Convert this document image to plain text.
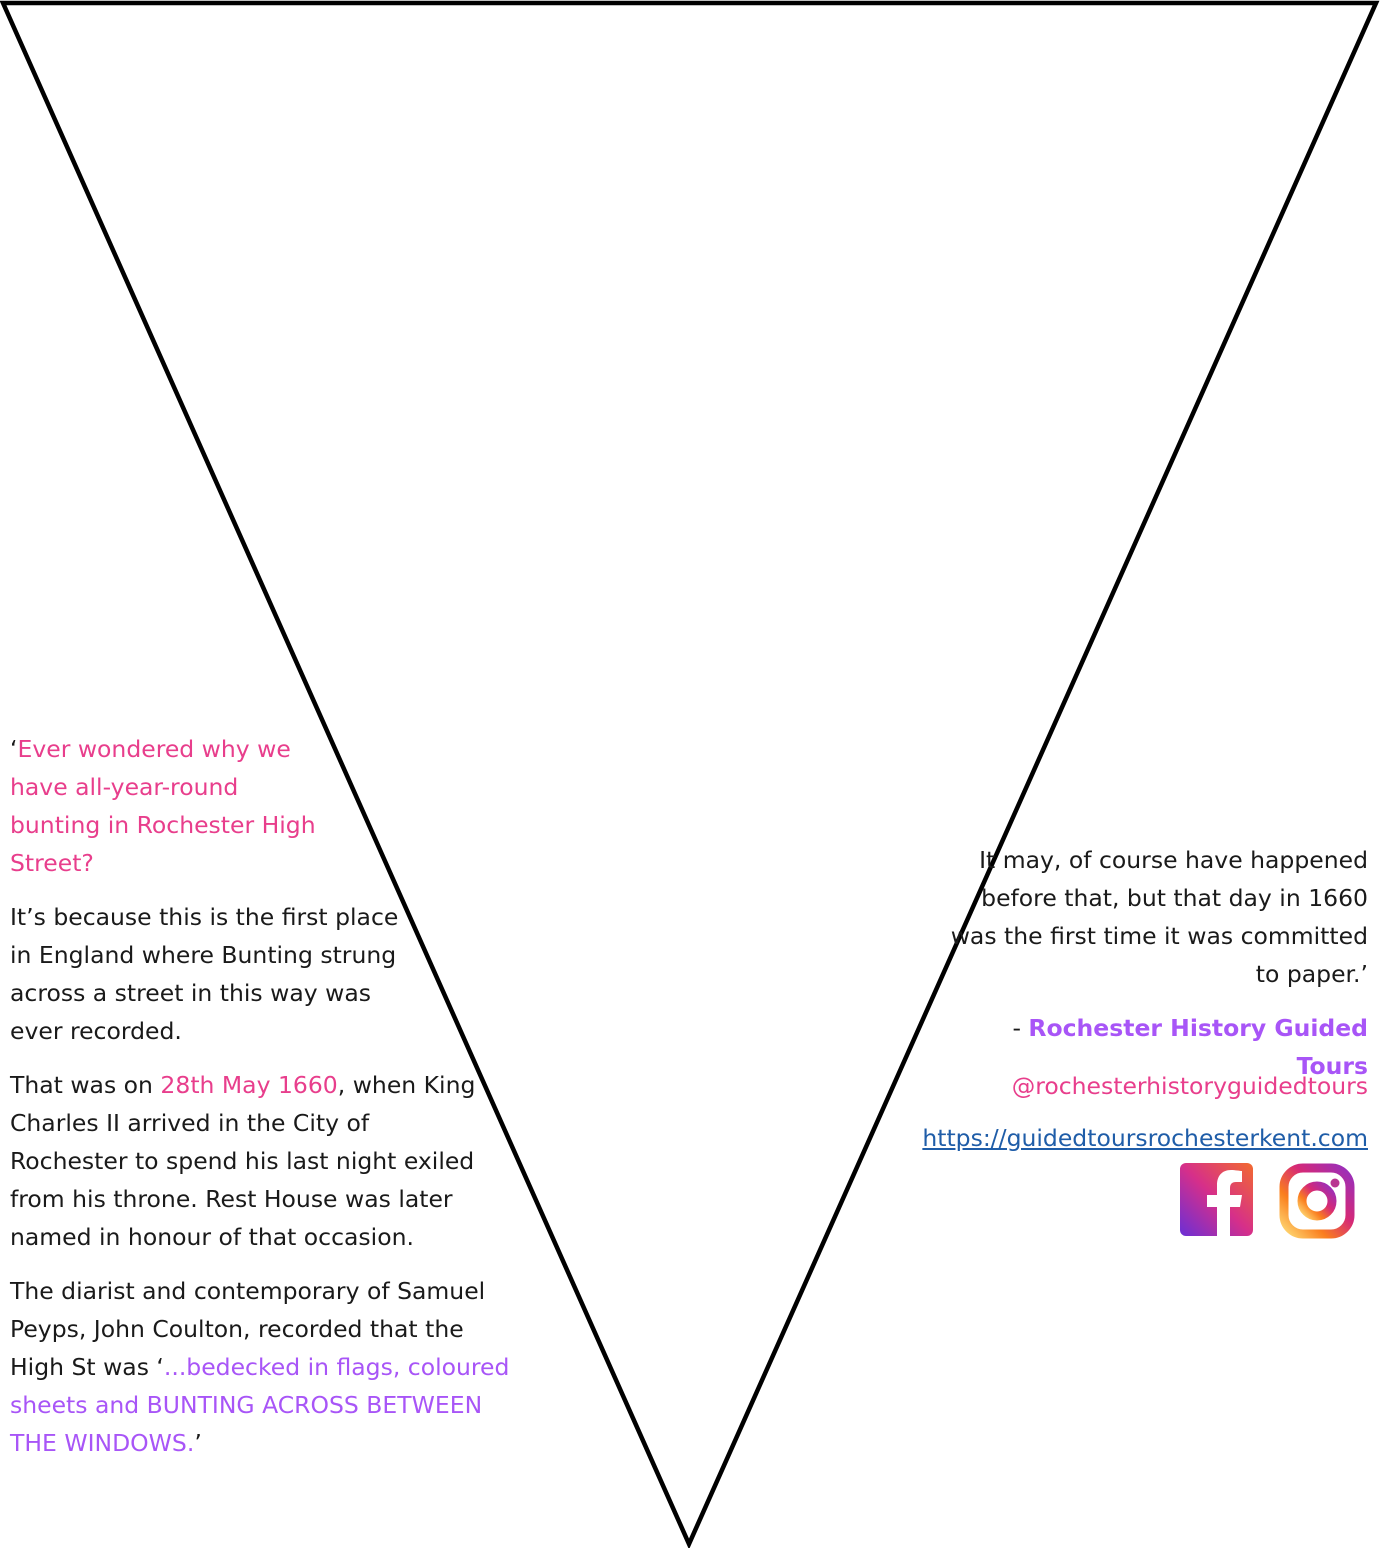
‘Ever wondered why we have all-year-round bunting in Rochester High Street?

It’s because this is the first place in England where Bunting strung across a street in this way was ever recorded.

That was on 28th May 1660, when King Charles II arrived in the City of Rochester to spend his last night exiled from his throne. Rest House was later named in honour of that occasion.

The diarist and contemporary of Samuel Peyps, John Coulton, recorded that the High St was ‘...bedecked in flags, coloured sheets and BUNTING ACROSS BETWEEN THE WINDOWS.’

It may, of course have happened before that, but that day in 1660 was the first time it was committed to paper.’

- Rochester History Guided Tours

@rochesterhistoryguidedtours

https://guidedtoursrochesterkent.com
